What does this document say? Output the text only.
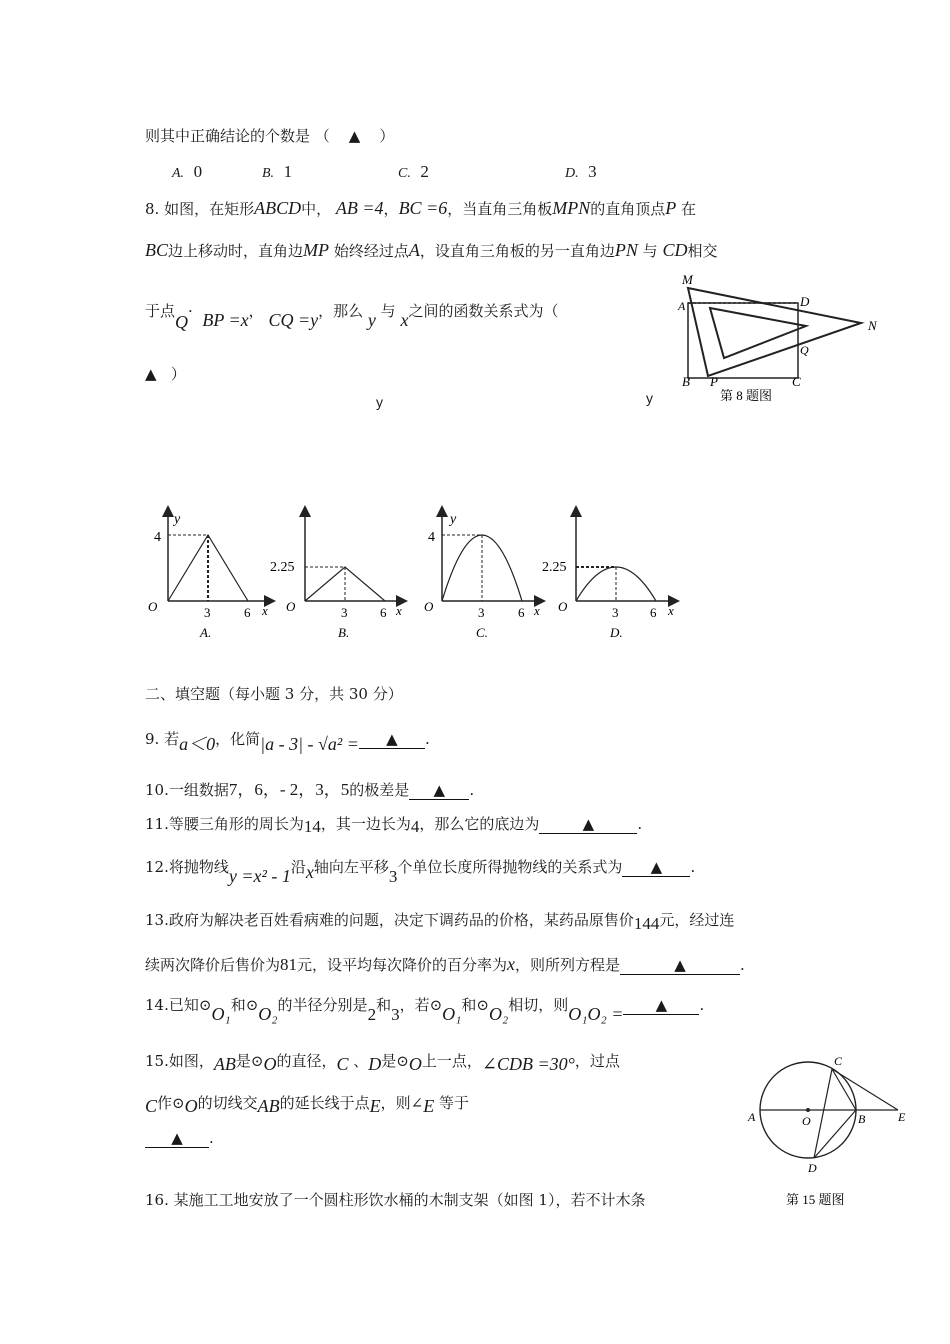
则其中正确结论的个数是 （ ▲ ）
A. 0	B. 1	C. 2	D. 3
8. 如图，在矩形ABCD中， AB =4，BC =6，当直角三角板MPN的直角顶点P 在
BC边上移动时，直角边MP 始终经过点A，设直角三角板的另一直角边PN 与 CD相交
于点Q· BP =x， CQ =y，那么 y 与 x之间的函数关系式为（
▲ ）
y	y
M
A	D
N
Q
B P	C
第 8 题图
4
y
O	3	6 x
A.
2.25
O	3	6 x
B.
4
y
O	3	6 x
C.
2.25
O	3 6 x
D.
二、填空题（每小题 3 分，共 30 分）
9. 若a＜0，化简|a - 3| - √a² = ▲ .
10.一组数据7，6，- 2，3，5的极差是 ▲ .
11.等腰三角形的周长为14，其一边长为4，那么它的底边为	▲	.
12.将抛物线y =x² - 1沿x轴向左平移3个单位长度所得抛物线的关系式为 ▲ .
13.政府为解决老百姓看病难的问题，决定下调药品的价格，某药品原售价144元，经过连
续两次降价后售价为81元，设平均每次降价的百分率为x，则所列方程是	▲	.
14.已知⊙O₁和⊙O₂的半径分别是2和3，若⊙O₁和⊙O₂相切，则O₁O₂ = ▲ .
15.如图，AB是⊙O的直径，C 、D是⊙O上一点，∠CDB =30°，过点
C作⊙O的切线交AB的延长线于点E，则∠E 等于
▲ .
A	O	B	E
C
D
第 15 题图
16. 某施工工地安放了一个圆柱形饮水桶的木制支架（如图 1），若不计木条
